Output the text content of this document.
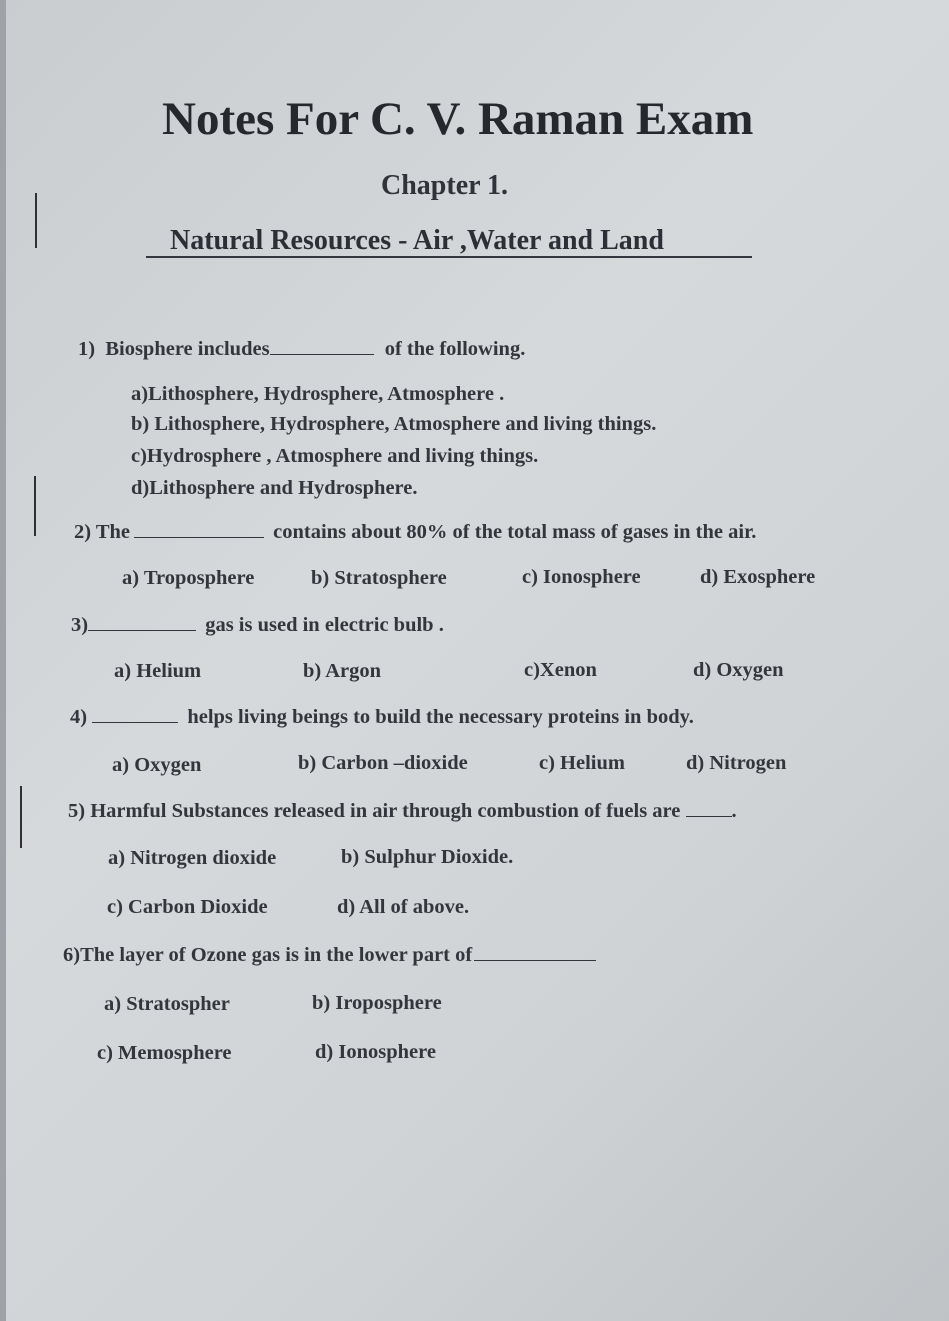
Notes For C. V. Raman Exam
Chapter 1.
Natural Resources - Air ,Water and Land
1) Biosphere includes	of the following.
a)Lithosphere, Hydrosphere, Atmosphere .
b) Lithosphere, Hydrosphere, Atmosphere and living things.
c)Hydrosphere , Atmosphere and living things.
d)Lithosphere and Hydrosphere.
2) The	contains about 80% of the total mass of gases in the air.
a) Troposphere	b) Stratosphere	c) Ionosphere	d) Exosphere
3)	gas is used in electric bulb .
a) Helium	b) Argon	c)Xenon	d) Oxygen
4)	helps living beings to build the necessary proteins in body.
a) Oxygen	b) Carbon –dioxide	c) Helium	d) Nitrogen
5) Harmful Substances released in air through combustion of fuels are .
a) Nitrogen dioxide	b) Sulphur Dioxide.
c) Carbon Dioxide	d) All of above.
6)The layer of Ozone gas is in the lower part of
a) Stratospher	b) Iroposphere
c) Memosphere	d) Ionosphere
